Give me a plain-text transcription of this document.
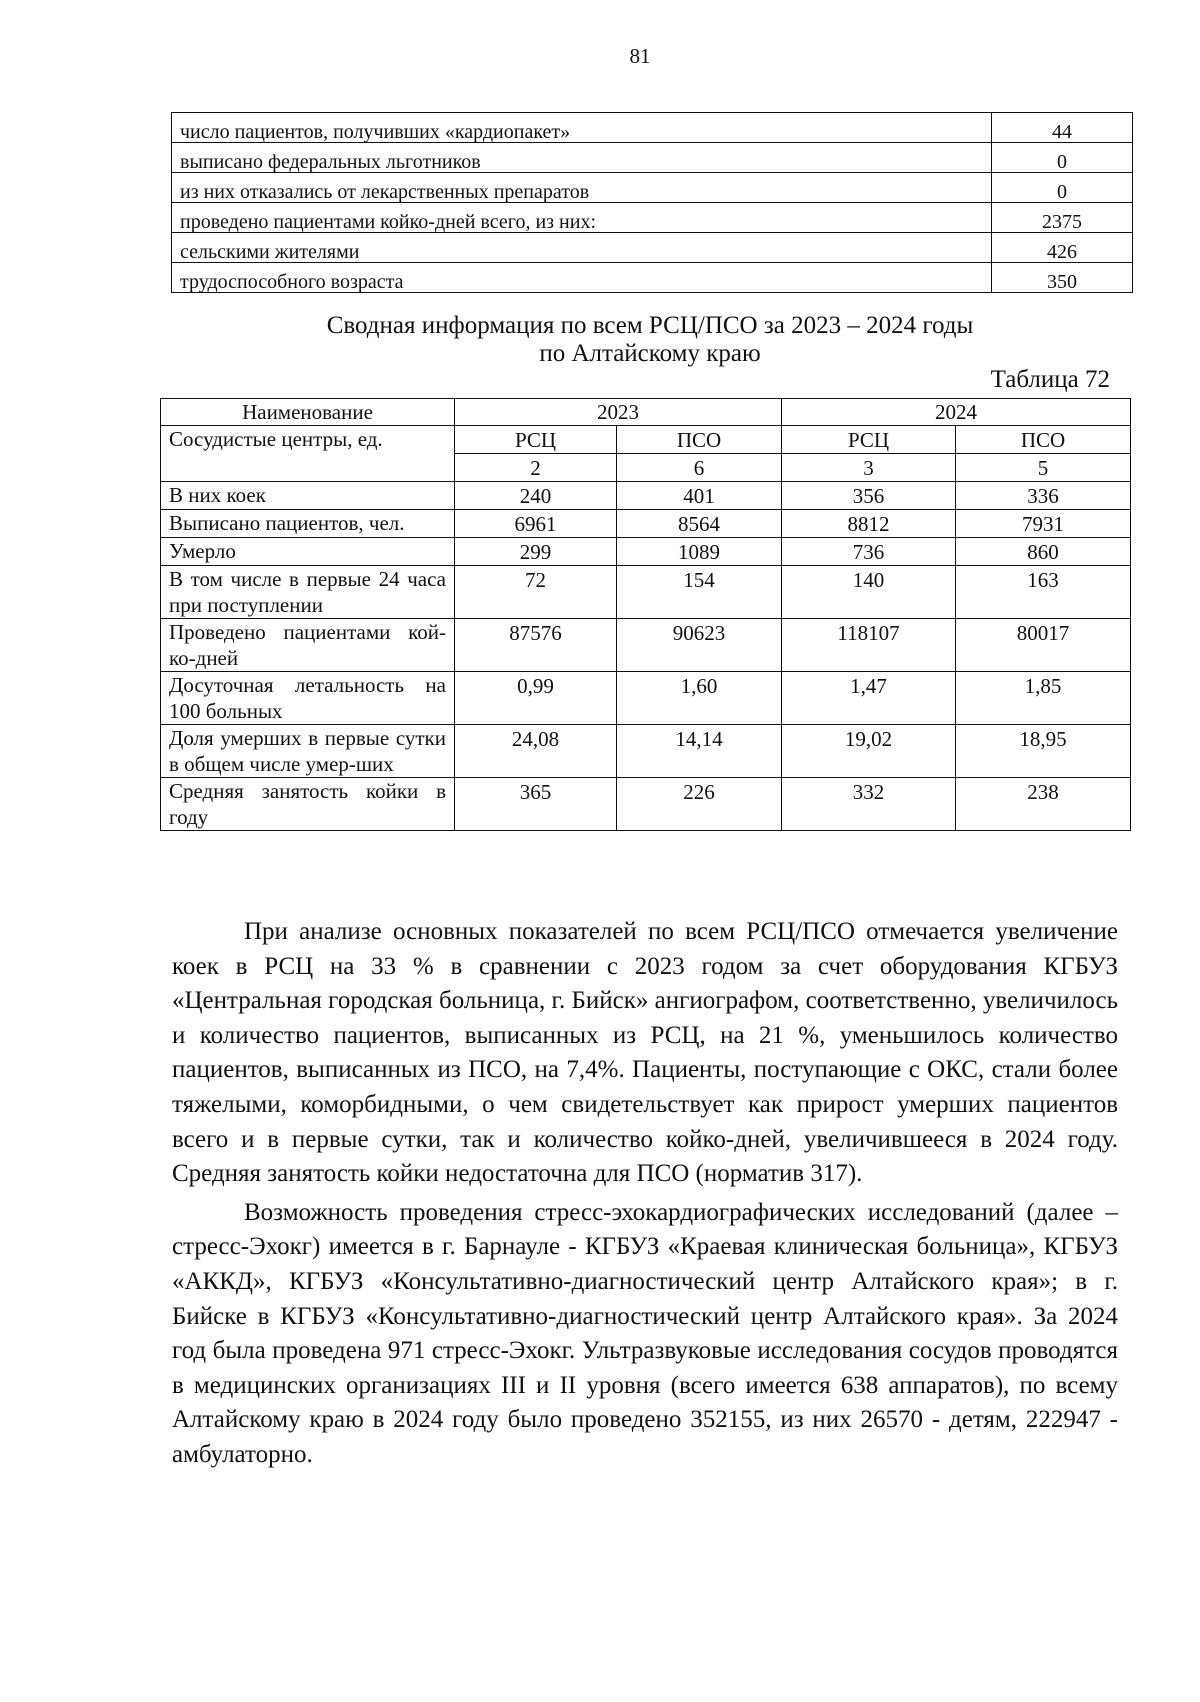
81
число пациентов, получивших «кардиопакет»	44
выписано федеральных льготников	0
из них отказались от лекарственных препаратов	0
проведено пациентами койко-дней всего, из них:	2375
сельскими жителями	426
трудоспособного возраста	350
Сводная информация по всем РСЦ/ПСО за 2023 – 2024 годы
по Алтайскому краю
Таблица 72
Наименование	2023		2024	
Сосудистые центры, ед.	РСЦ	ПСО	РСЦ	ПСО
	2	6	3	5
В них коек	240	401	356	336
Выписано пациентов, чел.	6961	8564	8812	7931
Умерло	299	1089	736	860
В том числе в первые 24 часа при поступлении	72	154	140	163
Проведено пациентами кой-ко-дней	87576	90623	118107	80017
Досуточная летальность на 100 больных	0,99	1,60	1,47	1,85
Доля умерших в первые сутки в общем числе умер-ших	24,08	14,14	19,02	18,95
Средняя занятость койки в году	365	226	332	238

При анализе основных показателей по всем РСЦ/ПСО отмечается увеличение коек в РСЦ на 33 % в сравнении с 2023 годом за счет оборудования КГБУЗ «Центральная городская больница, г. Бийск» ангиографом, соответственно, увеличилось и количество пациентов, выписанных из РСЦ, на 21 %, уменьшилось количество пациентов, выписанных из ПСО, на 7,4%. Пациенты, поступающие с ОКС, стали более тяжелыми, коморбидными, о чем свидетельствует как прирост умерших пациентов всего и в первые сутки, так и количество койко-дней, увеличившееся в 2024 году. Средняя занятость койки недостаточна для ПСО (норматив 317).

Возможность проведения стресс-эхокардиографических исследований (далее – стресс-Эхокг) имеется в г. Барнауле - КГБУЗ «Краевая клиническая больница», КГБУЗ «АККД», КГБУЗ «Консультативно-диагностический центр Алтайского края»; в г. Бийске в КГБУЗ «Консультативно-диагностический центр Алтайского края». За 2024 год была проведена 971 стресс-Эхокг. Ультразвуковые исследования сосудов проводятся в медицинских организациях III и II уровня (всего имеется 638 аппаратов), по всему Алтайскому краю в 2024 году было проведено 352155, из них 26570 - детям, 222947 - амбулаторно.
